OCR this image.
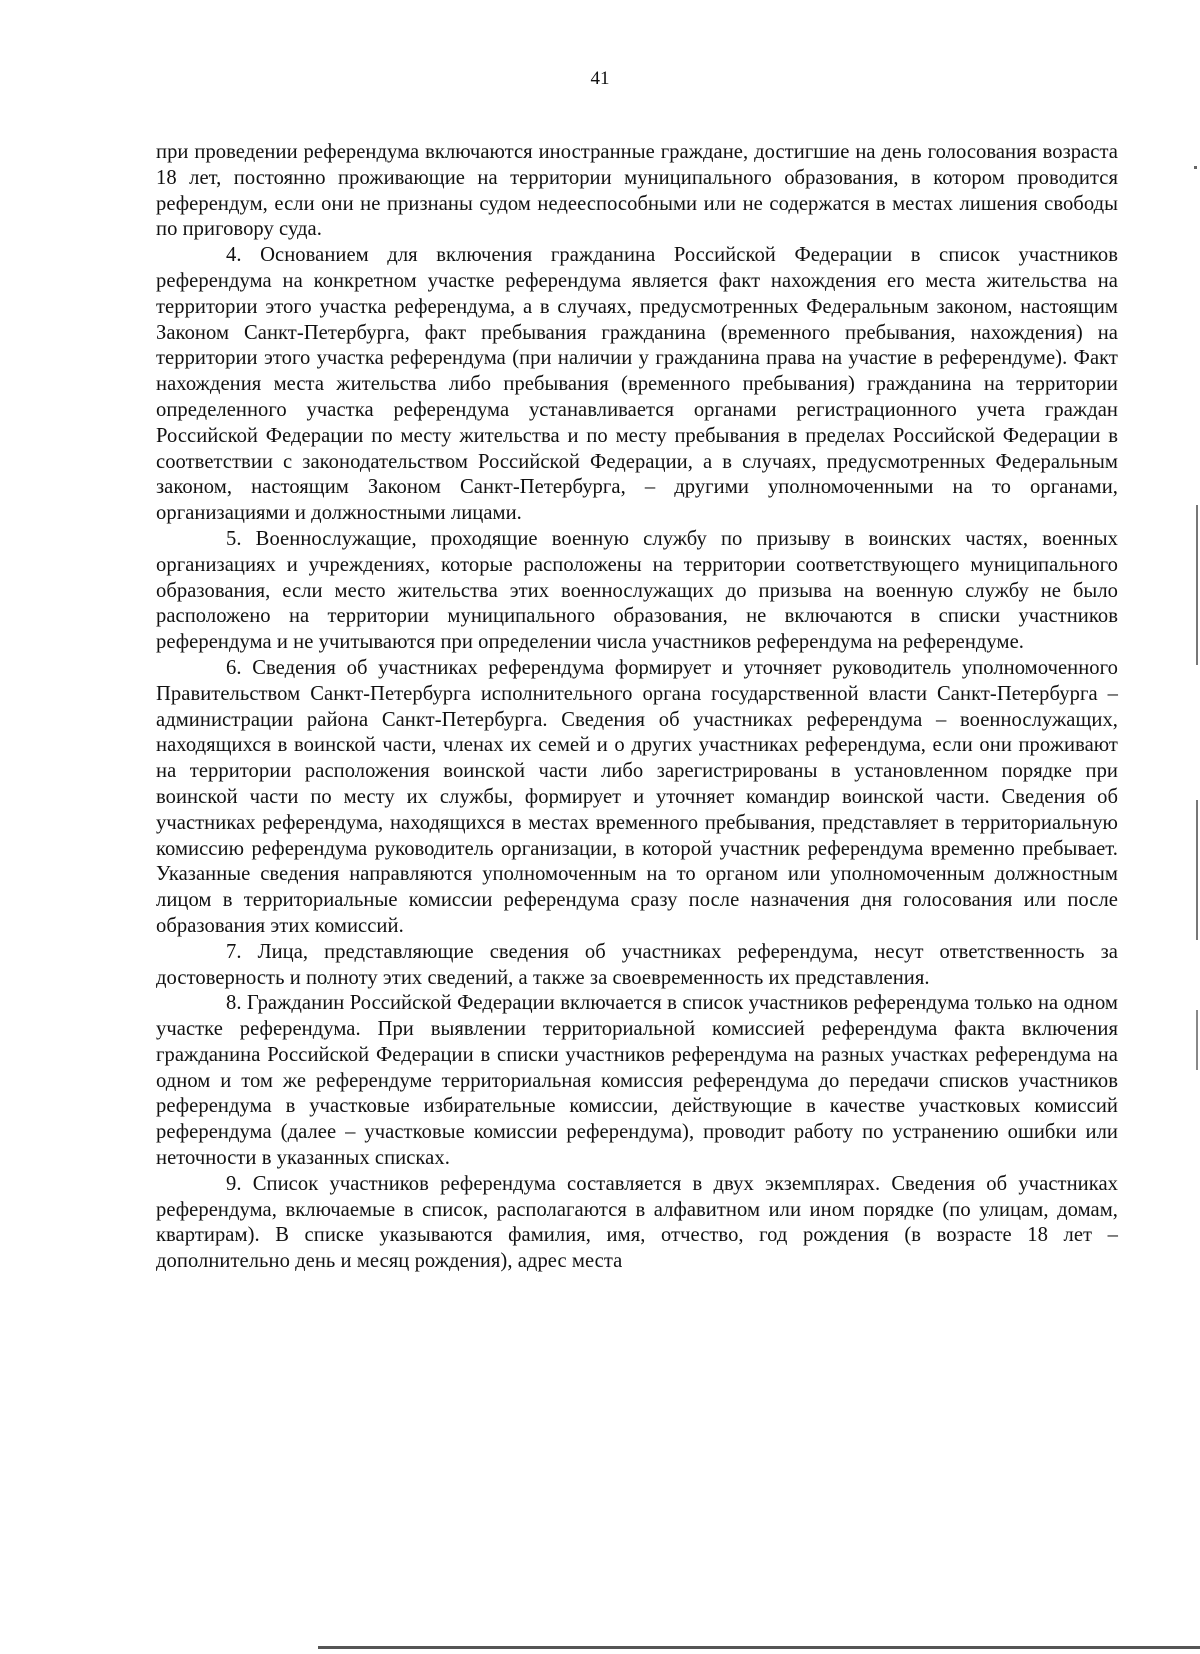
41

при проведении референдума включаются иностранные граждане, достигшие на день голосования возраста 18 лет, постоянно проживающие на территории муниципального образования, в котором проводится референдум, если они не признаны судом недееспособными или не содержатся в местах лишения свободы по приговору суда.

4. Основанием для включения гражданина Российской Федерации в список участников референдума на конкретном участке референдума является факт нахождения его места жительства на территории этого участка референдума, а в случаях, предусмотренных Федеральным законом, настоящим Законом Санкт-Петербурга, факт пребывания гражданина (временного пребывания, нахождения) на территории этого участка референдума (при наличии у гражданина права на участие в референдуме). Факт нахождения места жительства либо пребывания (временного пребывания) гражданина на территории определенного участка референдума устанавливается органами регистрационного учета граждан Российской Федерации по месту жительства и по месту пребывания в пределах Российской Федерации в соответствии с законодательством Российской Федерации, а в случаях, предусмотренных Федеральным законом, настоящим Законом Санкт-Петербурга, – другими уполномоченными на то органами, организациями и должностными лицами.

5. Военнослужащие, проходящие военную службу по призыву в воинских частях, военных организациях и учреждениях, которые расположены на территории соответствующего муниципального образования, если место жительства этих военнослужащих до призыва на военную службу не было расположено на территории муниципального образования, не включаются в списки участников референдума и не учитываются при определении числа участников референдума на референдуме.

6. Сведения об участниках референдума формирует и уточняет руководитель уполномоченного Правительством Санкт-Петербурга исполнительного органа государственной власти Санкт-Петербурга – администрации района Санкт-Петербурга. Сведения об участниках референдума – военнослужащих, находящихся в воинской части, членах их семей и о других участниках референдума, если они проживают на территории расположения воинской части либо зарегистрированы в установленном порядке при воинской части по месту их службы, формирует и уточняет командир воинской части. Сведения об участниках референдума, находящихся в местах временного пребывания, представляет в территориальную комиссию референдума руководитель организации, в которой участник референдума временно пребывает. Указанные сведения направляются уполномоченным на то органом или уполномоченным должностным лицом в территориальные комиссии референдума сразу после назначения дня голосования или после образования этих комиссий.

7. Лица, представляющие сведения об участниках референдума, несут ответственность за достоверность и полноту этих сведений, а также за своевременность их представления.

8. Гражданин Российской Федерации включается в список участников референдума только на одном участке референдума. При выявлении территориальной комиссией референдума факта включения гражданина Российской Федерации в списки участников референдума на разных участках референдума на одном и том же референдуме территориальная комиссия референдума до передачи списков участников референдума в участковые избирательные комиссии, действующие в качестве участковых комиссий референдума (далее – участковые комиссии референдума), проводит работу по устранению ошибки или неточности в указанных списках.

9. Список участников референдума составляется в двух экземплярах. Сведения об участниках референдума, включаемые в список, располагаются в алфавитном или ином порядке (по улицам, домам, квартирам). В списке указываются фамилия, имя, отчество, год рождения (в возрасте 18 лет – дополнительно день и месяц рождения), адрес места
